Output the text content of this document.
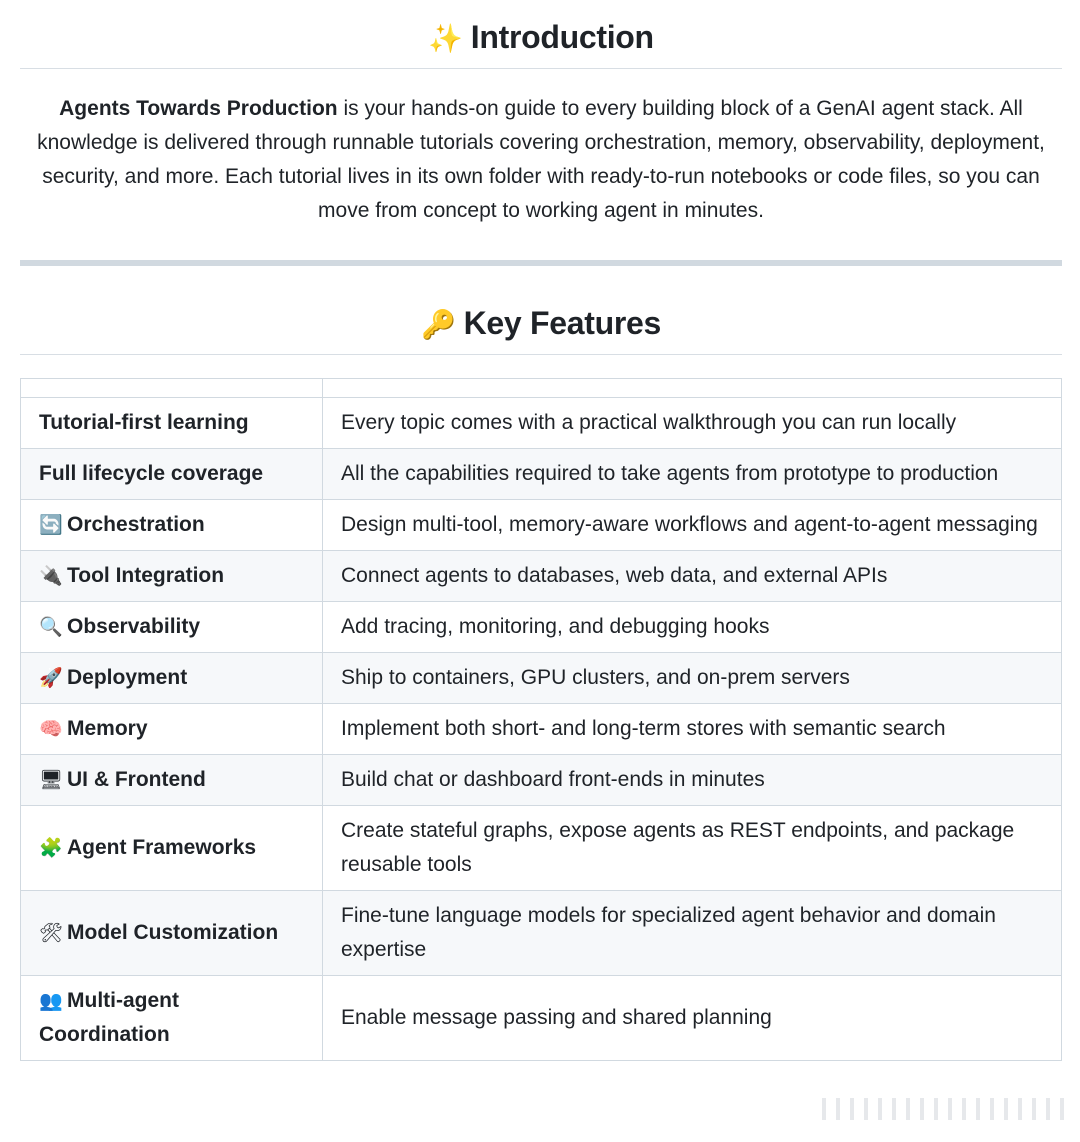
✨ Introduction

Agents Towards Production is your hands-on guide to every building block of a GenAI agent stack. All knowledge is delivered through runnable tutorials covering orchestration, memory, observability, deployment, security, and more. Each tutorial lives in its own folder with ready-to-run notebooks or code files, so you can move from concept to working agent in minutes.

🔑 Key Features

Tutorial-first learning	Every topic comes with a practical walkthrough you can run locally
Full lifecycle coverage	All the capabilities required to take agents from prototype to production
🔄 Orchestration	Design multi-tool, memory-aware workflows and agent-to-agent messaging
🔌 Tool Integration	Connect agents to databases, web data, and external APIs
🔍 Observability	Add tracing, monitoring, and debugging hooks
🚀 Deployment	Ship to containers, GPU clusters, and on-prem servers
🧠 Memory	Implement both short- and long-term stores with semantic search
🖥 UI & Frontend	Build chat or dashboard front-ends in minutes
🧩 Agent Frameworks	Create stateful graphs, expose agents as REST endpoints, and package reusable tools
🛠 Model Customization	Fine-tune language models for specialized agent behavior and domain expertise
👥 Multi-agent Coordination	Enable message passing and shared planning
